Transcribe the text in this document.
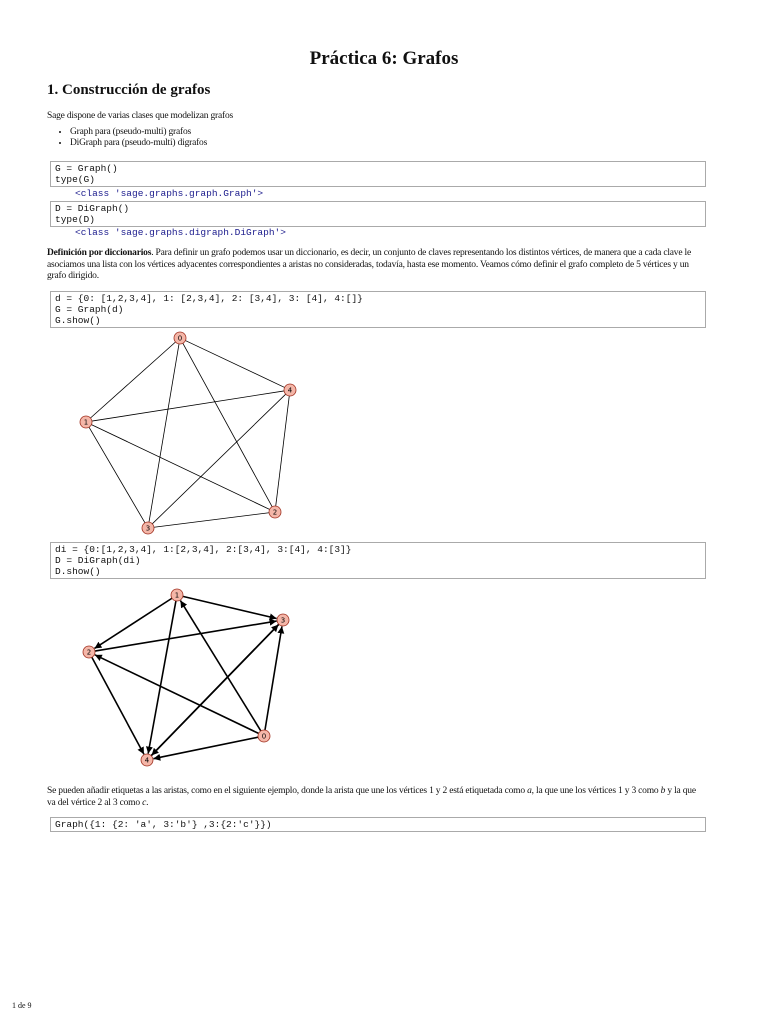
Práctica 6: Grafos
1. Construcción de grafos
Sage dispone de varias clases que modelizan grafos
• Graph para (pseudo-multi) grafos
• DiGraph para (pseudo-multi) digrafos
G = Graph()
type(G)
<class 'sage.graphs.graph.Graph'>
D = DiGraph()
type(D)
<class 'sage.graphs.digraph.DiGraph'>
Definición por diccionarios. Para definir un grafo podemos usar un diccionario, es decir, un conjunto de claves representando los distintos vértices, de manera que a cada clave le
asociamos una lista con los vértices adyacentes correspondientes a aristas no consideradas, todavía, hasta ese momento. Veamos cómo definir el grafo completo de 5 vértices y un
grafo dirigido.
d = {0: [1,2,3,4], 1: [2,3,4], 2: [3,4], 3: [4], 4:[]}
G = Graph(d)
G.show()
0
1
2
3
4
di = {0:[1,2,3,4], 1:[2,3,4], 2:[3,4], 3:[4], 4:[3]}
D = DiGraph(di)
D.show()
0
1
2
3
4
Se pueden añadir etiquetas a las aristas, como en el siguiente ejemplo, donde la arista que une los vértices 1 y 2 está etiquetada como a, la que une los vértices 1 y 3 como b y la que
va del vértice 2 al 3 como c.
Graph({1: {2: 'a', 3:'b'} ,3:{2:'c'}})
1 de 9
